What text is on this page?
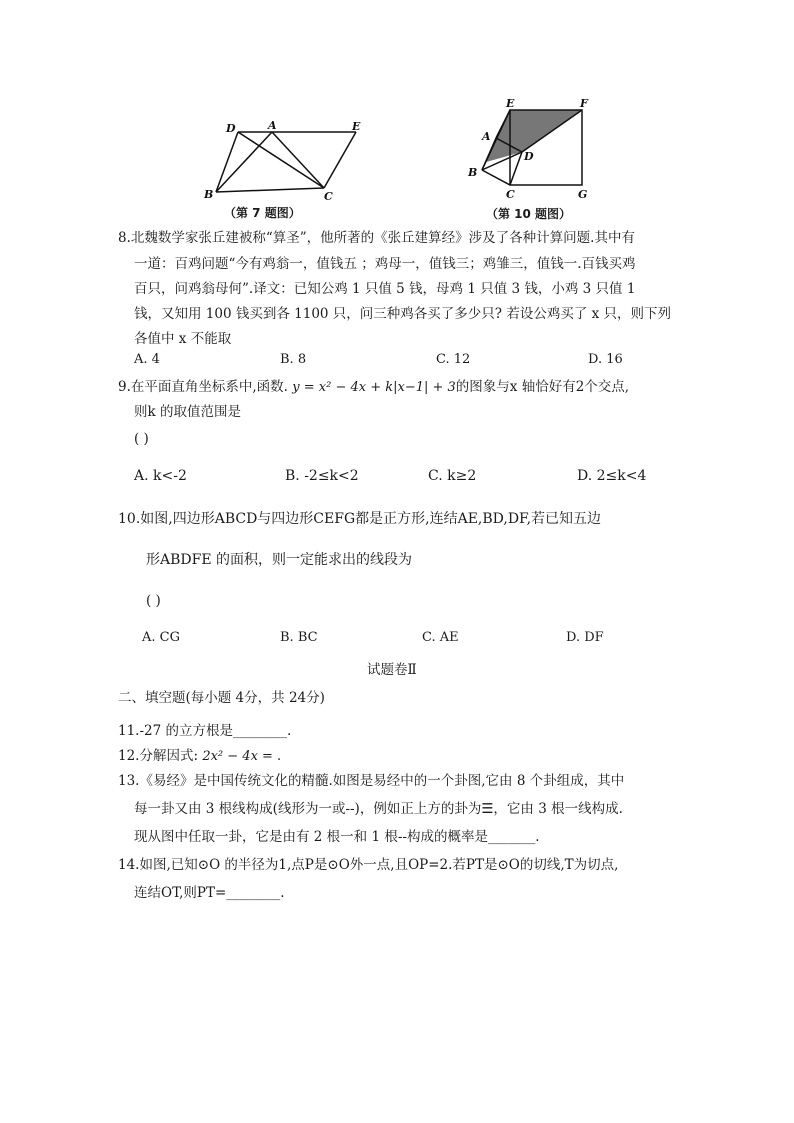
D	A	E
B	C
（第 7 题图）
E	F
A
D
B
C	G
（第 10 题图）
8.北魏数学家张丘建被称“算圣”，他所著的《张丘建算经》涉及了各种计算问题.其中有
一道：百鸡问题“今有鸡翁一，值钱五 ；鸡母一，值钱三；鸡雏三，值钱一.百钱买鸡
百只，问鸡翁母何”.译文：已知公鸡 1 只值 5 钱，母鸡 1 只值 3 钱，小鸡 3 只值 1
钱，又知用 100 钱买到各 1100 只，问三种鸡各买了多少只? 若设公鸡买了 x 只，则下列
各值中 x 不能取
A. 4	B. 8	C. 12	D. 16
9.在平面直角坐标系中,函数. y = x² − 4x + k|x−1| + 3的图象与x 轴恰好有2个交点,
则k 的取值范围是
( )
A. k<-2	B. -2≤k<2	C. k≥2	D. 2≤k<4
10.如图,四边形ABCD与四边形CEFG都是正方形,连结AE,BD,DF,若已知五边
形ABDFE 的面积，则一定能求出的线段为
( )
A. CG	B. BC	C. AE	D. DF
试题卷Ⅱ
二、填空题(每小题 4分，共 24分)
11.-27 的立方根是________.
12.分解因式: 2x² − 4x = .
13.《易经》是中国传统文化的精髓.如图是易经中的一个卦图,它由 8 个卦组成，其中
每一卦又由 3 根线构成(线形为一或--)，例如正上方的卦为☰，它由 3 根一线构成.
现从图中任取一卦，它是由有 2 根一和 1 根--构成的概率是_______.
14.如图,已知⊙O 的半径为1,点P是⊙O外一点,且OP=2.若PT是⊙O的切线,T为切点,
连结OT,则PT=________.
